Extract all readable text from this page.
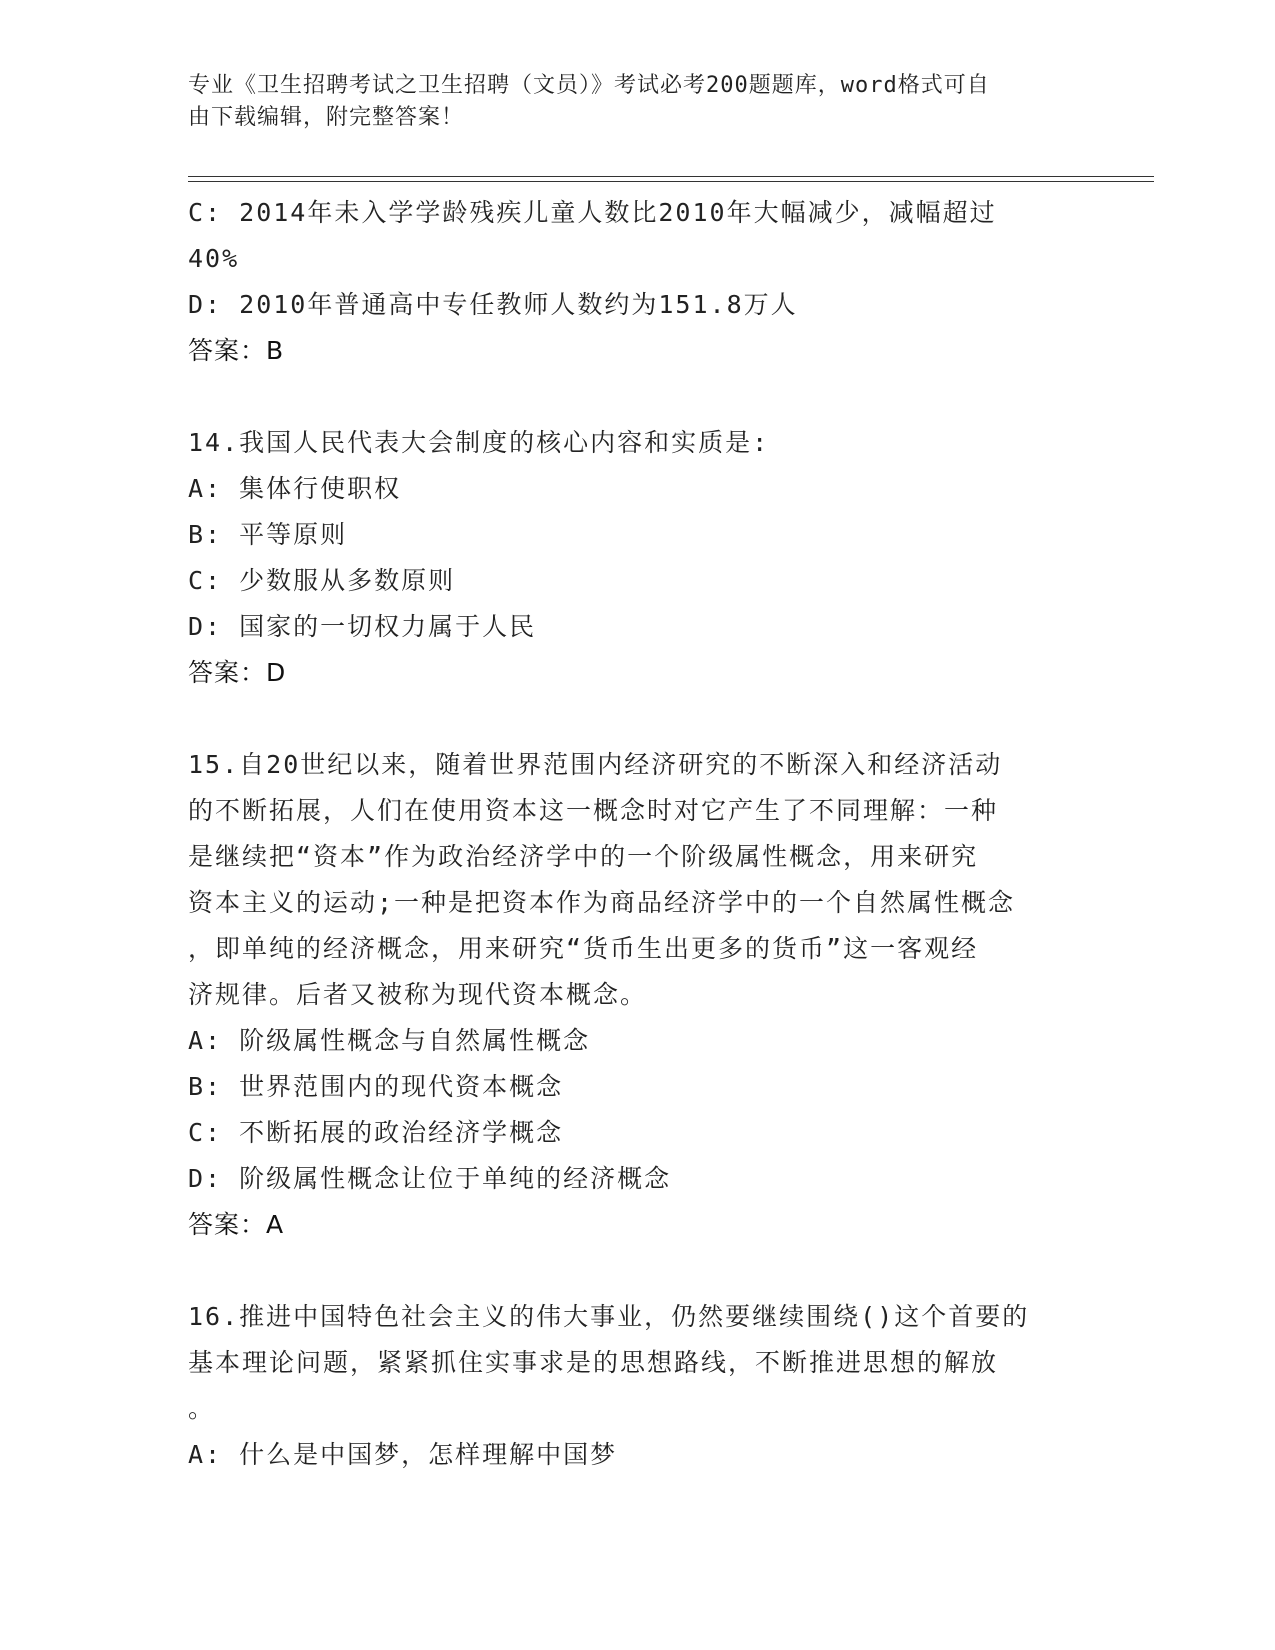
专业《卫生招聘考试之卫生招聘（文员）》考试必考200题题库，word格式可自
由下载编辑，附完整答案！
C: 2014年未入学学龄残疾儿童人数比2010年大幅减少，减幅超过
40%
D: 2010年普通高中专任教师人数约为151.8万人
答案：B
14.我国人民代表大会制度的核心内容和实质是:
A: 集体行使职权
B: 平等原则
C: 少数服从多数原则
D: 国家的一切权力属于人民
答案：D
15.自20世纪以来，随着世界范围内经济研究的不断深入和经济活动
的不断拓展，人们在使用资本这一概念时对它产生了不同理解：一种
是继续把“资本”作为政治经济学中的一个阶级属性概念，用来研究
资本主义的运动;一种是把资本作为商品经济学中的一个自然属性概念
，即单纯的经济概念，用来研究“货币生出更多的货币”这一客观经
济规律。后者又被称为现代资本概念。
A: 阶级属性概念与自然属性概念
B: 世界范围内的现代资本概念
C: 不断拓展的政治经济学概念
D: 阶级属性概念让位于单纯的经济概念
答案：A
16.推进中国特色社会主义的伟大事业，仍然要继续围绕()这个首要的
基本理论问题，紧紧抓住实事求是的思想路线，不断推进思想的解放
。
A: 什么是中国梦，怎样理解中国梦
